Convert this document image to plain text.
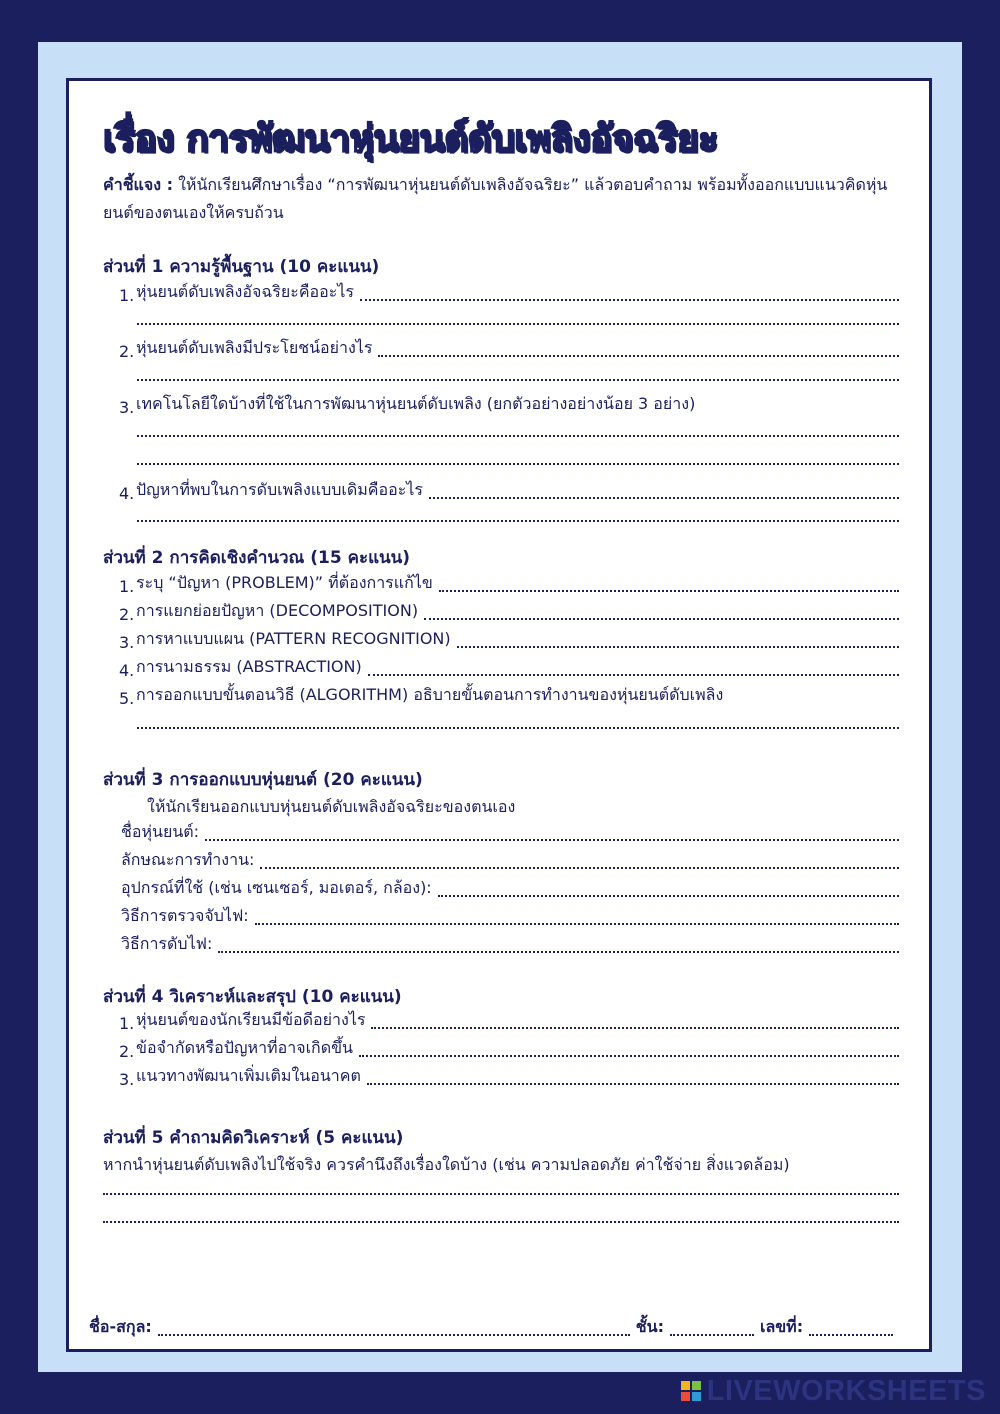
เรื่อง การพัฒนาหุ่นยนต์ดับเพลิงอัจฉริยะ
คำชี้แจง : ให้นักเรียนศึกษาเรื่อง “การพัฒนาหุ่นยนต์ดับเพลิงอัจฉริยะ” แล้วตอบคำถาม พร้อมทั้งออกแบบแนวคิดหุ่นยนต์ของตนเองให้ครบถ้วน
ส่วนที่ 1 ความรู้พื้นฐาน (10 คะแนน)
1. หุ่นยนต์ดับเพลิงอัจฉริยะคืออะไร
2. หุ่นยนต์ดับเพลิงมีประโยชน์อย่างไร
3. เทคโนโลยีใดบ้างที่ใช้ในการพัฒนาหุ่นยนต์ดับเพลิง (ยกตัวอย่างอย่างน้อย 3 อย่าง)
4. ปัญหาที่พบในการดับเพลิงแบบเดิมคืออะไร
ส่วนที่ 2 การคิดเชิงคำนวณ (15 คะแนน)
1. ระบุ “ปัญหา (PROBLEM)” ที่ต้องการแก้ไข
2. การแยกย่อยปัญหา (DECOMPOSITION)
3. การหาแบบแผน (PATTERN RECOGNITION)
4. การนามธรรม (ABSTRACTION)
5. การออกแบบขั้นตอนวิธี (ALGORITHM) อธิบายขั้นตอนการทำงานของหุ่นยนต์ดับเพลิง
ส่วนที่ 3 การออกแบบหุ่นยนต์ (20 คะแนน)
ให้นักเรียนออกแบบหุ่นยนต์ดับเพลิงอัจฉริยะของตนเอง
ชื่อหุ่นยนต์:
ลักษณะการทำงาน:
อุปกรณ์ที่ใช้ (เช่น เซนเซอร์, มอเตอร์, กล้อง):
วิธีการตรวจจับไฟ:
วิธีการดับไฟ:
ส่วนที่ 4 วิเคราะห์และสรุป (10 คะแนน)
1. หุ่นยนต์ของนักเรียนมีข้อดีอย่างไร
2. ข้อจำกัดหรือปัญหาที่อาจเกิดขึ้น
3. แนวทางพัฒนาเพิ่มเติมในอนาคต
ส่วนที่ 5 คำถามคิดวิเคราะห์ (5 คะแนน)
หากนำหุ่นยนต์ดับเพลิงไปใช้จริง ควรคำนึงถึงเรื่องใดบ้าง (เช่น ความปลอดภัย ค่าใช้จ่าย สิ่งแวดล้อม)
ชื่อ-สกุล:	ชั้น:	เลขที่:
LIVEWORKSHEETS
